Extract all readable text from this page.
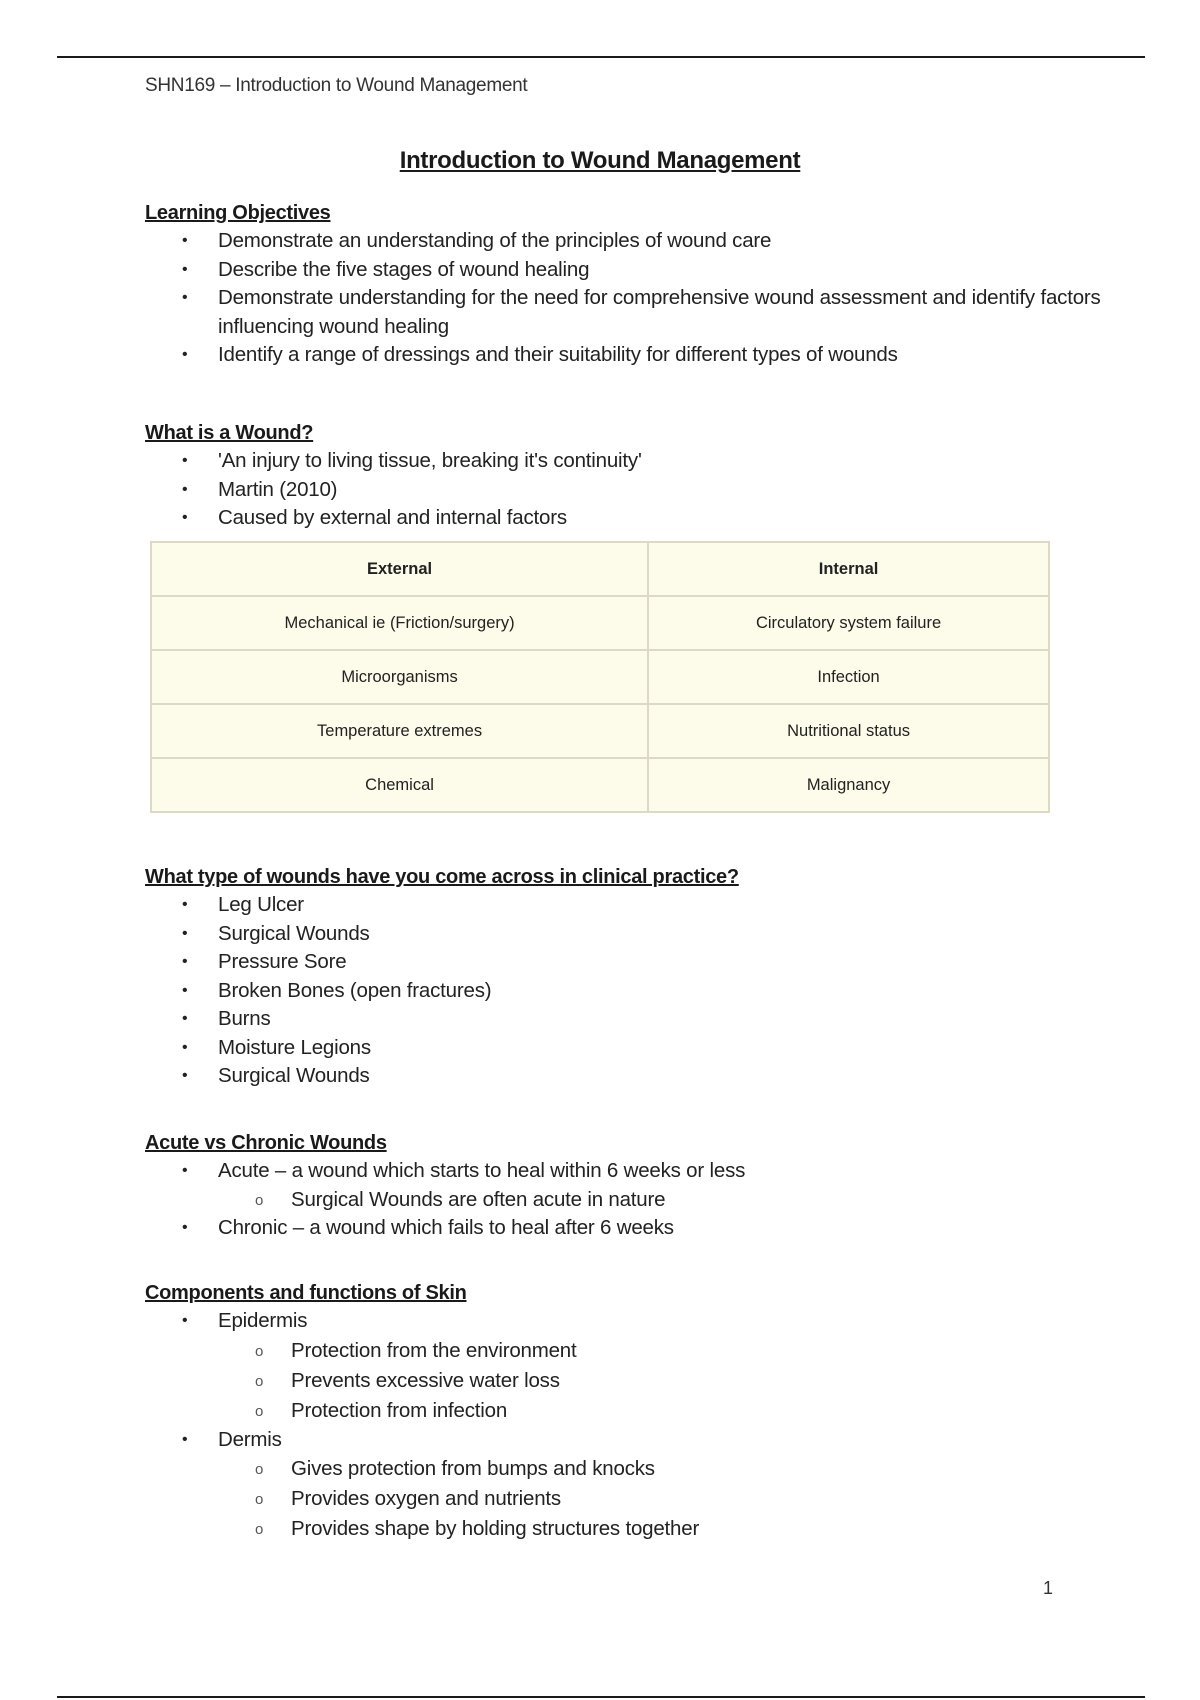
SHN169 – Introduction to Wound Management
Introduction to Wound Management
Learning Objectives
• Demonstrate an understanding of the principles of wound care
• Describe the five stages of wound healing
• Demonstrate understanding for the need for comprehensive wound assessment and identify factors influencing wound healing
• Identify a range of dressings and their suitability for different types of wounds
What is a Wound?
• 'An injury to living tissue, breaking it's continuity'
• Martin (2010)
• Caused by external and internal factors
External	Internal
Mechanical ie (Friction/surgery)	Circulatory system failure
Microorganisms	Infection
Temperature extremes	Nutritional status
Chemical	Malignancy
What type of wounds have you come across in clinical practice?
• Leg Ulcer
• Surgical Wounds
• Pressure Sore
• Broken Bones (open fractures)
• Burns
• Moisture Legions
• Surgical Wounds
Acute vs Chronic Wounds
• Acute – a wound which starts to heal within 6 weeks or less
o Surgical Wounds are often acute in nature
• Chronic – a wound which fails to heal after 6 weeks
Components and functions of Skin
• Epidermis
o Protection from the environment
o Prevents excessive water loss
o Protection from infection
• Dermis
o Gives protection from bumps and knocks
o Provides oxygen and nutrients
o Provides shape by holding structures together
1
